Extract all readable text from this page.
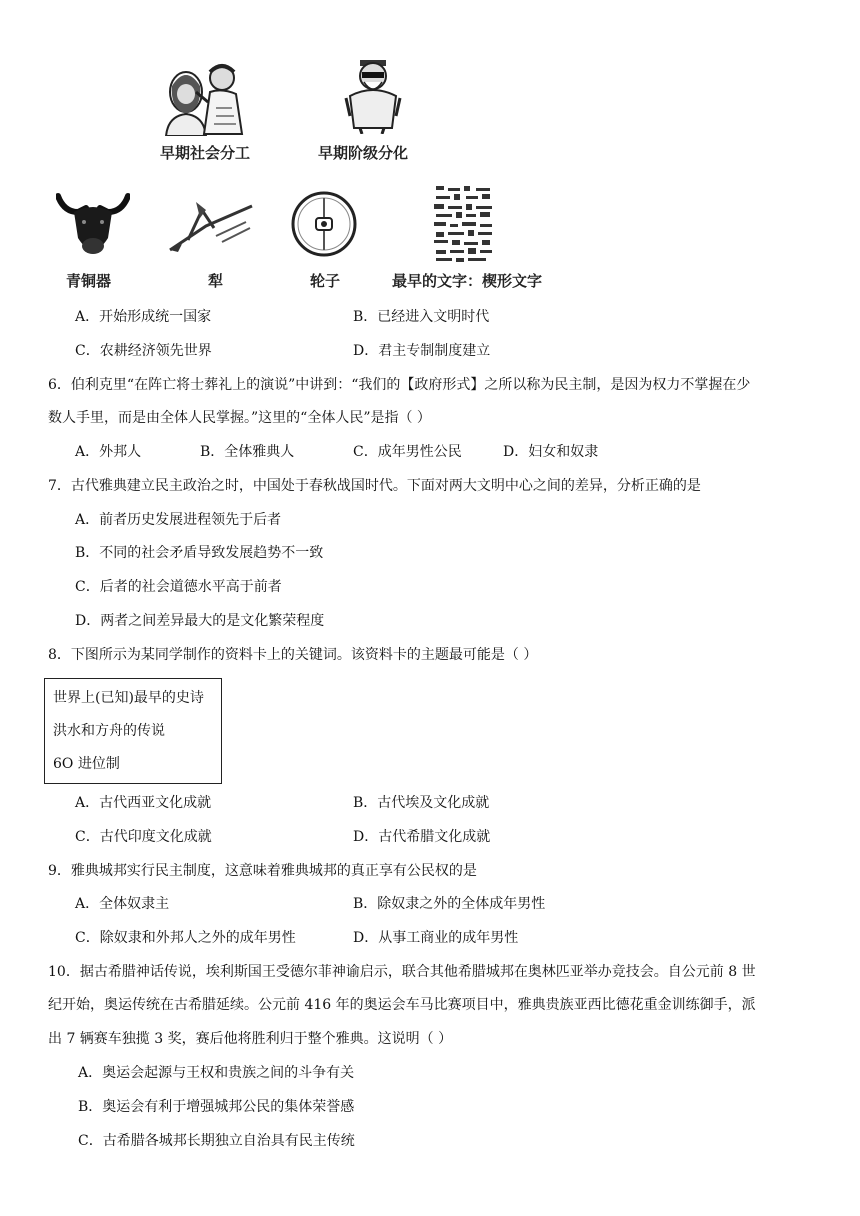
早期社会分工	早期阶级分化
青铜器	犁	轮子	最早的文字：楔形文字
A．开始形成统一国家	B．已经进入文明时代
C．农耕经济领先世界	D．君主专制制度建立
6．伯利克里“在阵亡将士葬礼上的演说”中讲到：“我们的【政府形式】之所以称为民主制，是因为权力不掌握在少
数人手里，而是由全体人民掌握。”这里的“全体人民”是指（ ）
A．外邦人	B．全体雅典人	C．成年男性公民	D．妇女和奴隶
7．古代雅典建立民主政治之时，中国处于春秋战国时代。下面对两大文明中心之间的差异，分析正确的是
A．前者历史发展进程领先于后者
B．不同的社会矛盾导致发展趋势不一致
C．后者的社会道德水平高于前者
D．两者之间差异最大的是文化繁荣程度
8．下图所示为某同学制作的资料卡上的关键词。该资料卡的主题最可能是（ ）
世界上(已知)最早的史诗
洪水和方舟的传说
6O 进位制
A．古代西亚文化成就	B．古代埃及文化成就
C．古代印度文化成就	D．古代希腊文化成就
9．雅典城邦实行民主制度，这意味着雅典城邦的真正享有公民权的是
A．全体奴隶主	B．除奴隶之外的全体成年男性
C．除奴隶和外邦人之外的成年男性	D．从事工商业的成年男性
10．据古希腊神话传说，埃利斯国王受德尔菲神谕启示，联合其他希腊城邦在奥林匹亚举办竞技会。自公元前 8 世
纪开始，奥运传统在古希腊延续。公元前 416 年的奥运会车马比赛项目中，雅典贵族亚西比德花重金训练御手，派
出 7 辆赛车独揽 3 奖，赛后他将胜利归于整个雅典。这说明（ ）
A．奥运会起源与王权和贵族之间的斗争有关
B．奥运会有利于增强城邦公民的集体荣誉感
C．古希腊各城邦长期独立自治具有民主传统
